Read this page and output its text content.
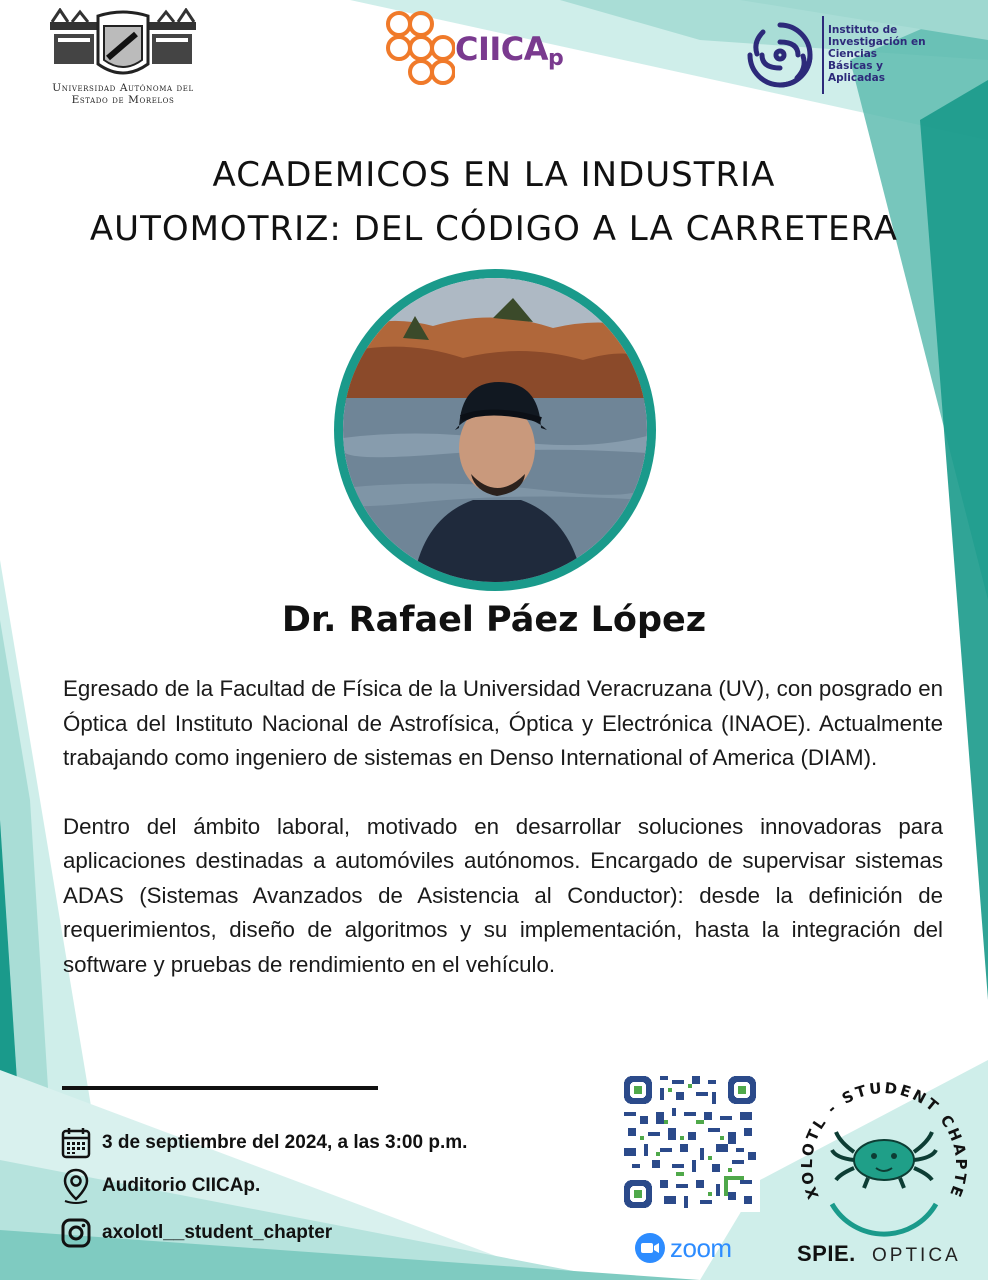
Universidad Autónoma del
Estado de Morelos
CIICAp
Instituto de
Investigación en
Ciencias
Básicas y
Aplicadas
ACADEMICOS EN LA INDUSTRIA
AUTOMOTRIZ: DEL CÓDIGO A LA CARRETERA
Dr. Rafael Páez López

Egresado de la Facultad de Física de la Universidad Veracruzana (UV), con posgrado en Óptica del Instituto Nacional de Astrofísica, Óptica y Electrónica (INAOE). Actualmente trabajando como ingeniero de sistemas en Denso International of America (DIAM).

Dentro del ámbito laboral, motivado en desarrollar soluciones innovadoras para aplicaciones destinadas a automóviles autónomos. Encargado de supervisar sistemas ADAS (Sistemas Avanzados de Asistencia al Conductor): desde la definición de requerimientos, diseño de algoritmos y su implementación, hasta la integración del software y pruebas de rendimiento en el vehículo.

3 de septiembre del 2024, a las 3:00 p.m.
Auditorio CIICAp.
axolotl__student_chapter	zoom
XOLOTL - STUDENT CHAPTE
SPIE. OPTICA
